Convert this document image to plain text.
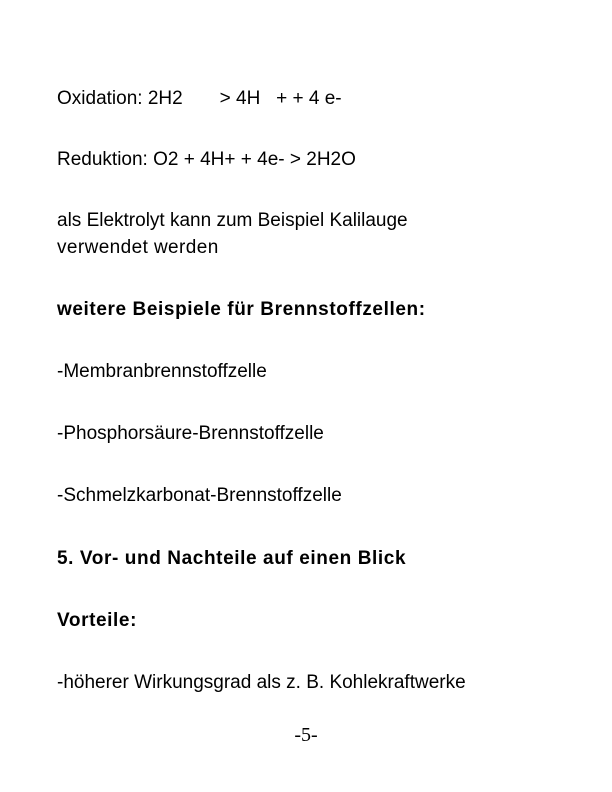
Oxidation: 2H2       > 4H   + + 4 e-

Reduktion: O2 + 4H+ + 4e- > 2H2O

als Elektrolyt kann zum Beispiel Kalilauge

verwendet werden

weitere Beispiele für Brennstoffzellen:

-Membranbrennstoffzelle

-Phosphorsäure-Brennstoffzelle

-Schmelzkarbonat-Brennstoffzelle

5. Vor- und Nachteile auf einen Blick

Vorteile:

-höherer Wirkungsgrad als z. B. Kohlekraftwerke

-5-
